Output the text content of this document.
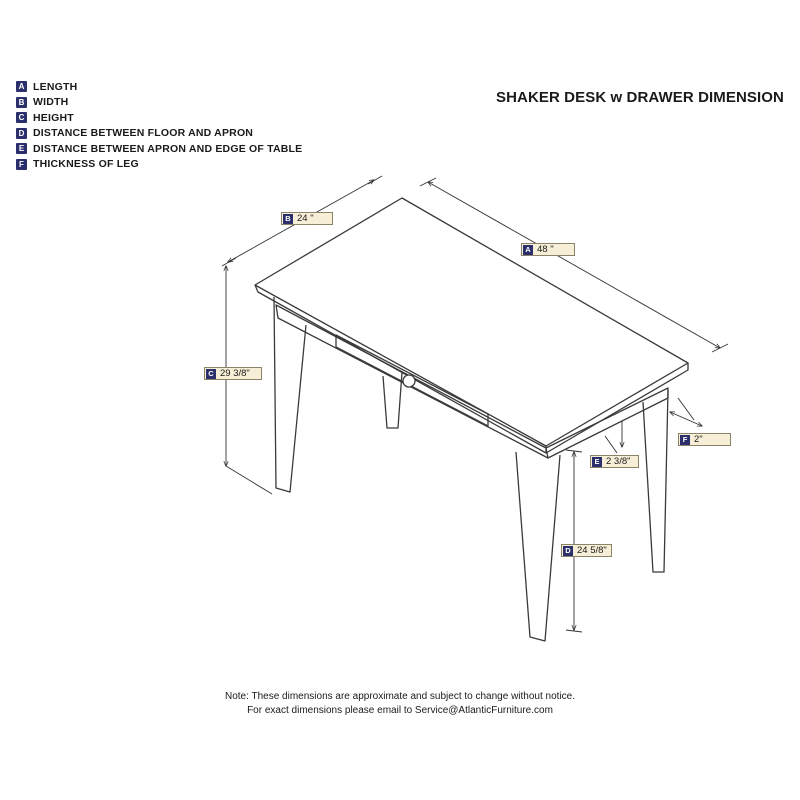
A LENGTH
B WIDTH
C HEIGHT
D DISTANCE BETWEEN FLOOR AND APRON
E DISTANCE BETWEEN APRON AND EDGE OF TABLE
F THICKNESS OF LEG
SHAKER DESK w DRAWER DIMENSION
B 24 "
A 48 "
C 29 3/8"
D 24 5/8"
E 2 3/8"
F 2"
Note: These dimensions are approximate and subject to change without notice.
For exact dimensions please email to Service@AtlanticFurniture.com
